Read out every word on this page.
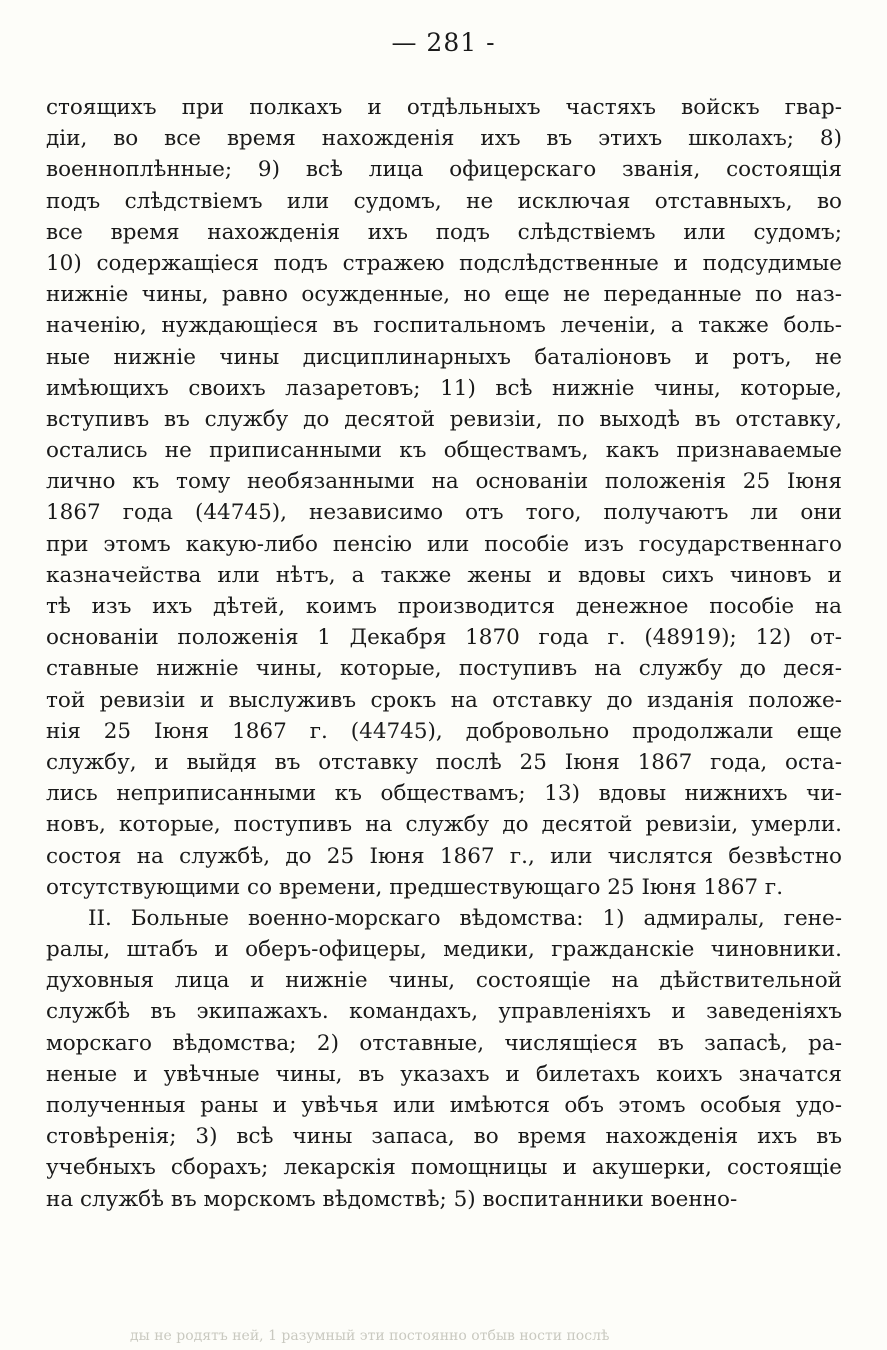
— 281 -
стоящихъ при полкахъ и отдѣльныхъ частяхъ войскъ гвар-
діи, во все время нахожденія ихъ въ этихъ школахъ; 8)
военноплѣнные; 9) всѣ лица офицерскаго званія, состоящія
подъ слѣдствіемъ или судомъ, не исключая отставныхъ, во
все время нахожденія ихъ подъ слѣдствіемъ или судомъ;
10) содержащіеся подъ стражею подслѣдственные и подсудимые
нижніе чины, равно осужденные, но еще не переданные по наз-
наченію, нуждающіеся въ госпитальномъ леченіи, а также боль-
ные нижніе чины дисциплинарныхъ баталіоновъ и ротъ, не
имѣющихъ своихъ лазаретовъ; 11) всѣ нижніе чины, которые,
вступивъ въ службу до десятой ревизіи, по выходѣ въ отставку,
остались не приписанными къ обществамъ, какъ признаваемые
лично къ тому необязанными на основаніи положенія 25 Іюня
1867 года (44745), независимо отъ того, получаютъ ли они
при этомъ какую-либо пенсію или пособіе изъ государственнаго
казначейства или нѣтъ, а также жены и вдовы сихъ чиновъ и
тѣ изъ ихъ дѣтей, коимъ производится денежное пособіе на
основаніи положенія 1 Декабря 1870 года г. (48919); 12) от-
ставные нижніе чины, которые, поступивъ на службу до деся-
той ревизіи и выслуживъ срокъ на отставку до изданія положе-
нія 25 Іюня 1867 г. (44745), добровольно продолжали еще
службу, и выйдя въ отставку послѣ 25 Іюня 1867 года, оста-
лись неприписанными къ обществамъ; 13) вдовы нижнихъ чи-
новъ, которые, поступивъ на службу до десятой ревизіи, умерли.
состоя на службѣ, до 25 Іюня 1867 г., или числятся безвѣстно
отсутствующими со времени, предшествующаго 25 Іюня 1867 г.
II. Больные военно-морскаго вѣдомства: 1) адмиралы, гене-
ралы, штабъ и оберъ-офицеры, медики, гражданскіе чиновники.
духовныя лица и нижніе чины, состоящіе на дѣйствительной
службѣ въ экипажахъ. командахъ, управленіяхъ и заведеніяхъ
морскаго вѣдомства; 2) отставные, числящіеся въ запасѣ, ра-
неные и увѣчные чины, въ указахъ и билетахъ коихъ значатся
полученныя раны и увѣчья или имѣются объ этомъ особыя удо-
стовѣренія; 3) всѣ чины запаса, во время нахожденія ихъ въ
учебныхъ сборахъ; лекарскія помощницы и акушерки, состоящіе
на службѣ въ морскомъ вѣдомствѣ; 5) воспитанники военно-
ды не родятъ ней, 1 разумный эти постоянно отбыв ности послѣ
